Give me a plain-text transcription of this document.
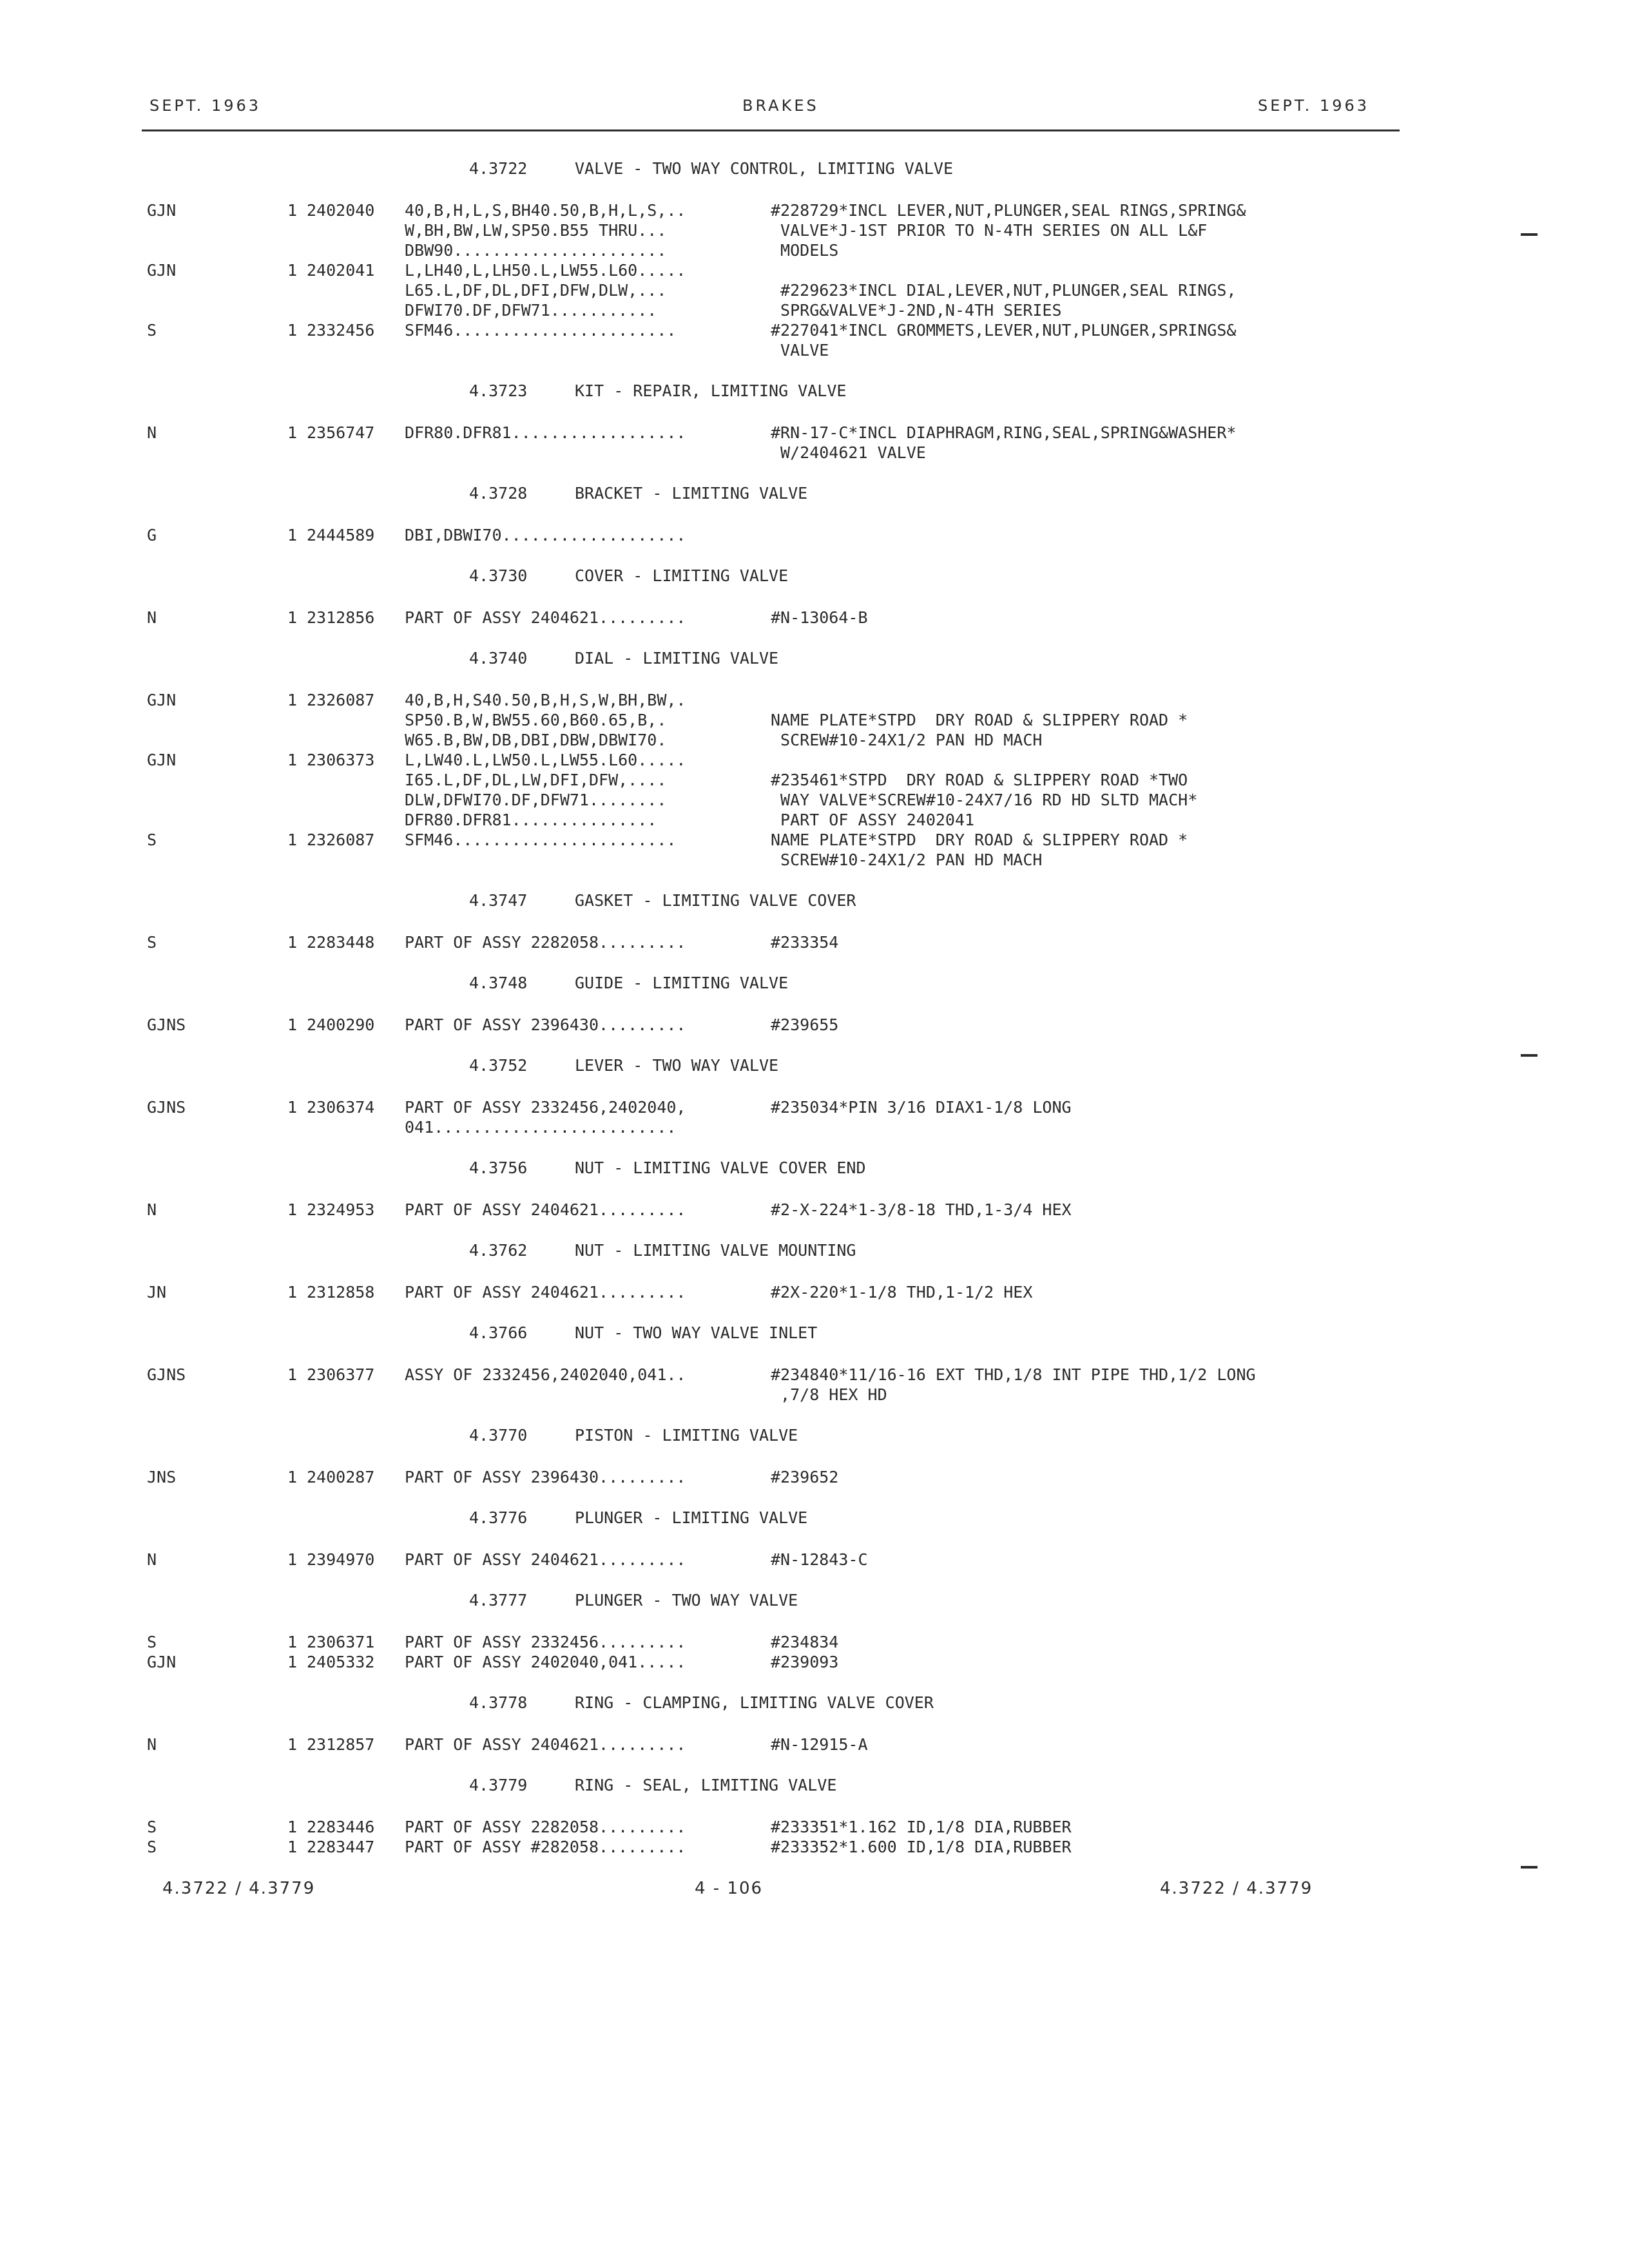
SEPT. 1963	BRAKES	SEPT. 1963
4.3722	VALVE - TWO WAY CONTROL, LIMITING VALVE
GJN	1 2402040 40,B,H,L,S,BH40.50,B,H,L,S,..	#228729*INCL LEVER,NUT,PLUNGER,SEAL RINGS,SPRING&
W,BH,BW,LW,SP50.B55 THRU...	VALVE*J-1ST PRIOR TO N-4TH SERIES ON ALL L&F
DBW90......................	MODELS
GJN	1 2402041 L,LH40,L,LH50.L,LW55.L60.....
L65.L,DF,DL,DFI,DFW,DLW,...	#229623*INCL DIAL,LEVER,NUT,PLUNGER,SEAL RINGS,
DFWI70.DF,DFW71...........	SPRG&VALVE*J-2ND,N-4TH SERIES
S	1 2332456 SFM46.......................	#227041*INCL GROMMETS,LEVER,NUT,PLUNGER,SPRINGS&
VALVE
4.3723	KIT - REPAIR, LIMITING VALVE
N	1 2356747 DFR80.DFR81..................	#RN-17-C*INCL DIAPHRAGM,RING,SEAL,SPRING&WASHER*
W/2404621 VALVE
4.3728	BRACKET - LIMITING VALVE
G	1 2444589 DBI,DBWI70...................
4.3730	COVER - LIMITING VALVE
N	1 2312856 PART OF ASSY 2404621.........	#N-13064-B
4.3740	DIAL - LIMITING VALVE
GJN	1 2326087 40,B,H,S40.50,B,H,S,W,BH,BW,.
SP50.B,W,BW55.60,B60.65,B,.	NAME PLATE*STPD  DRY ROAD & SLIPPERY ROAD *
W65.B,BW,DB,DBI,DBW,DBWI70.	SCREW#10-24X1/2 PAN HD MACH
GJN	1 2306373 L,LW40.L,LW50.L,LW55.L60.....
I65.L,DF,DL,LW,DFI,DFW,....	#235461*STPD  DRY ROAD & SLIPPERY ROAD *TWO
DLW,DFWI70.DF,DFW71........	WAY VALVE*SCREW#10-24X7/16 RD HD SLTD MACH*
DFR80.DFR81...............	PART OF ASSY 2402041
S	1 2326087 SFM46.......................	NAME PLATE*STPD  DRY ROAD & SLIPPERY ROAD *
SCREW#10-24X1/2 PAN HD MACH
4.3747	GASKET - LIMITING VALVE COVER
S	1 2283448 PART OF ASSY 2282058.........	#233354
4.3748	GUIDE - LIMITING VALVE
GJNS	1 2400290 PART OF ASSY 2396430.........	#239655
4.3752	LEVER - TWO WAY VALVE
GJNS	1 2306374 PART OF ASSY 2332456,2402040,	#235034*PIN 3/16 DIAX1-1/8 LONG
041.........................
4.3756	NUT - LIMITING VALVE COVER END
N	1 2324953 PART OF ASSY 2404621.........	#2-X-224*1-3/8-18 THD,1-3/4 HEX
4.3762	NUT - LIMITING VALVE MOUNTING
JN	1 2312858 PART OF ASSY 2404621.........	#2X-220*1-1/8 THD,1-1/2 HEX
4.3766	NUT - TWO WAY VALVE INLET
GJNS	1 2306377 ASSY OF 2332456,2402040,041..	#234840*11/16-16 EXT THD,1/8 INT PIPE THD,1/2 LONG
,7/8 HEX HD
4.3770	PISTON - LIMITING VALVE
JNS	1 2400287 PART OF ASSY 2396430.........	#239652
4.3776	PLUNGER - LIMITING VALVE
N	1 2394970 PART OF ASSY 2404621.........	#N-12843-C
4.3777	PLUNGER - TWO WAY VALVE
S	1 2306371 PART OF ASSY 2332456.........	#234834
GJN	1 2405332 PART OF ASSY 2402040,041.....	#239093
4.3778	RING - CLAMPING, LIMITING VALVE COVER
N	1 2312857 PART OF ASSY 2404621.........	#N-12915-A
4.3779	RING - SEAL, LIMITING VALVE
S	1 2283446 PART OF ASSY 2282058.........	#233351*1.162 ID,1/8 DIA,RUBBER
S	1 2283447 PART OF ASSY #282058.........	#233352*1.600 ID,1/8 DIA,RUBBER
4.3722 / 4.3779	4 - 106	4.3722 / 4.3779
